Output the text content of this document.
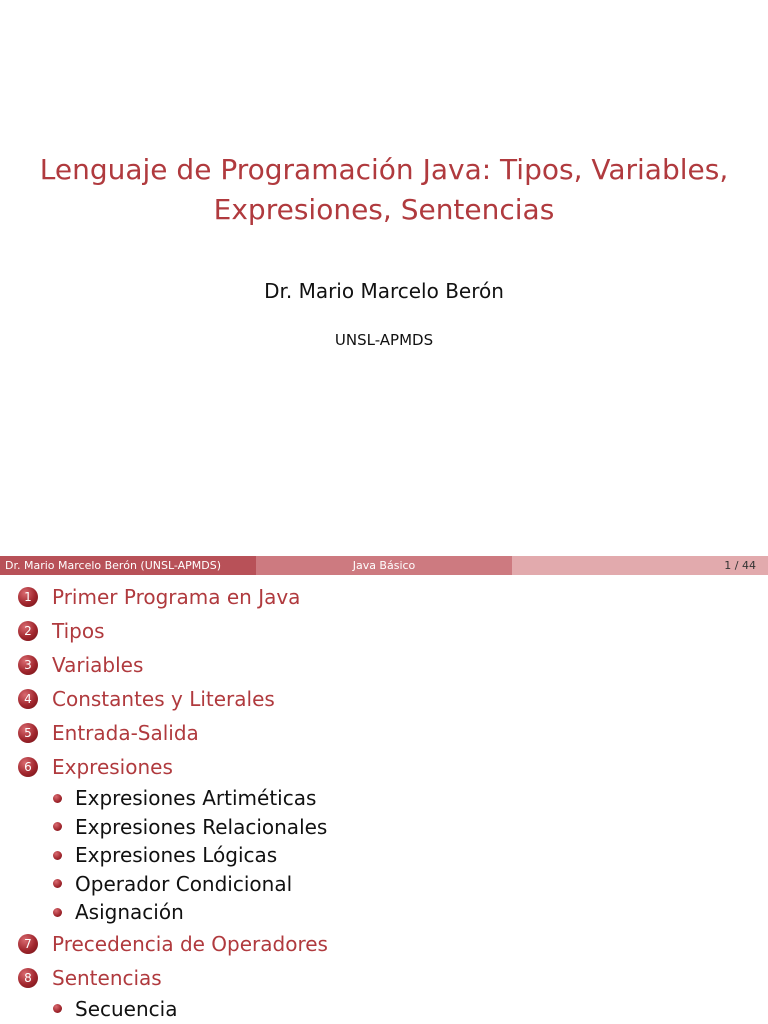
Lenguaje de Programación Java: Tipos, Variables,
Expresiones, Sentencias
Dr. Mario Marcelo Berón
UNSL-APMDS
Dr. Mario Marcelo Berón (UNSL-APMDS)	Java Básico	1 / 44
1	Primer Programa en Java
2	Tipos
3	Variables
4	Constantes y Literales
5	Entrada-Salida
6	Expresiones
Expresiones Artiméticas
Expresiones Relacionales
Expresiones Lógicas
Operador Condicional
Asignación
7	Precedencia de Operadores
8	Sentencias
Secuencia
